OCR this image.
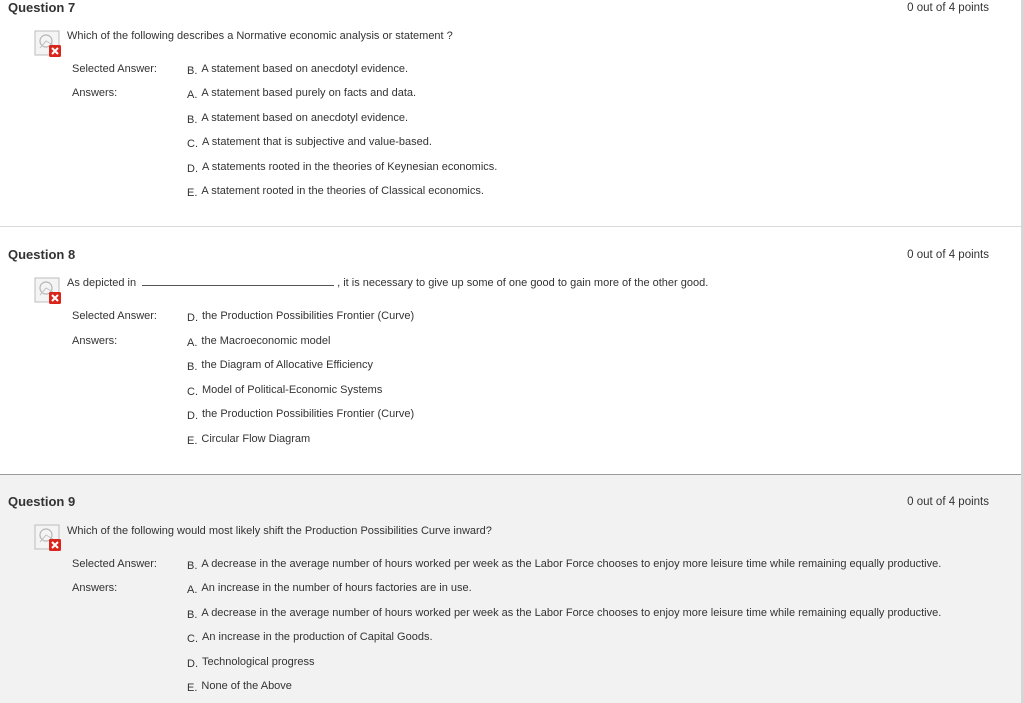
Question 7	0 out of 4 points
Which of the following describes a Normative economic analysis or statement ?
Selected Answer:	B. A statement based on anecdotyl evidence.
Answers:	A. A statement based purely on facts and data.
B. A statement based on anecdotyl evidence.
C. A statement that is subjective and value-based.
D. A statements rooted in the theories of Keynesian economics.
E. A statement rooted in the theories of Classical economics.
Question 8	0 out of 4 points
As depicted in	, it is necessary to give up some of one good to gain more of the other good.
Selected Answer:	D. the Production Possibilities Frontier (Curve)
Answers:	A. the Macroeconomic model
B. the Diagram of Allocative Efficiency
C. Model of Political-Economic Systems
D. the Production Possibilities Frontier (Curve)
E. Circular Flow Diagram
Question 9	0 out of 4 points
Which of the following would most likely shift the Production Possibilities Curve inward?
Selected Answer:	B. A decrease in the average number of hours worked per week as the Labor Force chooses to enjoy more leisure time while remaining equally productive.
Answers:	A. An increase in the number of hours factories are in use.
B. A decrease in the average number of hours worked per week as the Labor Force chooses to enjoy more leisure time while remaining equally productive.
C. An increase in the production of Capital Goods.
D. Technological progress
E. None of the Above
